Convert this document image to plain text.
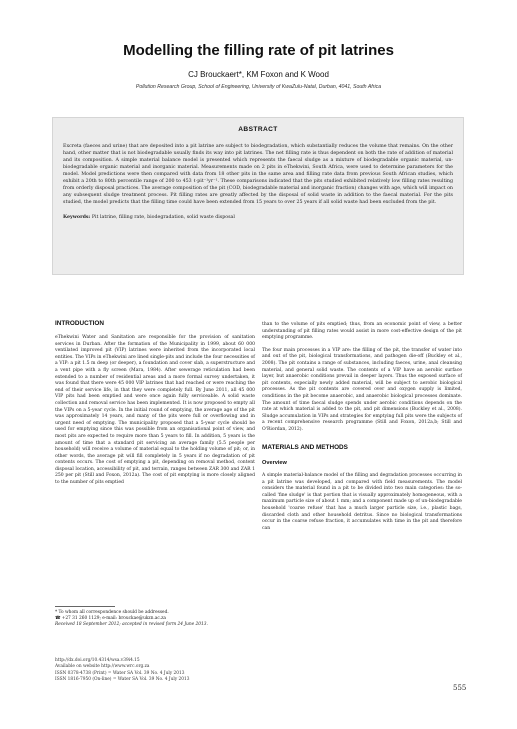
Modelling the filling rate of pit latrines
CJ Brouckaert*, KM Foxon and K Wood
Pollution Research Group, School of Engineering, University of KwaZulu-Natal, Durban, 4041, South Africa
ABSTRACT

Excreta (faeces and urine) that are deposited into a pit latrine are subject to biodegradation, which substantially reduces the volume that remains. On the other hand, other matter that is not biodegradable usually finds its way into pit latrines. The net filling rate is thus dependent on both the rate of addition of material and its composition. A simple material balance model is presented which represents the faecal sludge as a mixture of biodegradable organic material, un-biodegradable organic material and inorganic material. Measurements made on 2 pits in eThekwini, South Africa, were used to determine parameters for the model. Model predictions were then compared with data from 18 other pits in the same area and filling rate data from previous South African studies, which exhibit a 20th to 80th percentile range of 200 to 453 ℓ·pit⁻¹yr⁻¹. These comparisons indicated that the pits studied exhibited relatively low filling rates resulting from orderly disposal practices. The average composition of the pit (COD, biodegradable material and inorganic fraction) changes with age, which will impact on any subsequent sludge treatment process. Pit filling rates are greatly affected by the disposal of solid waste in addition to the faecal material. For the pits studied, the model predicts that the filling time could have been extended from 15 years to over 25 years if all solid waste had been excluded from the pit.

Keywords: Pit latrine, filling rate, biodegradation, solid waste disposal
INTRODUCTION

eThekwini Water and Sanitation are responsible for the provision of sanitation services in Durban. After the formation of the Municipality in 1999, about 60 000 ventilated improved pit (VIP) latrines were inherited from the incorporated local entities. The VIPs in eThekwini are lined single-pits and include the four necessities of a VIP: a pit 1.5 m deep (or deeper), a foundation and cover slab, a superstructure and a vent pipe with a fly screen (Mara, 1984). After sewerage reticulation had been extended to a number of residential areas and a more formal survey undertaken, it was found that there were 45 000 VIP latrines that had reached or were reaching the end of their service life, in that they were completely full. By June 2011, all 45 000 VIP pits had been emptied and were once again fully serviceable. A solid waste collection and removal service has been implemented. It is now proposed to empty all the VIPs on a 5-year cycle. In the initial round of emptying, the average age of the pit was approximately 14 years, and many of the pits were full or overflowing and in urgent need of emptying. The municipality proposed that a 5-year cycle should be used for emptying since this was possible from an organisational point of view, and most pits are expected to require more than 5 years to fill. In addition, 5 years is the amount of time that a standard pit servicing an average family (5.5 people per household) will receive a volume of material equal to the holding volume of pit; or, in other words, the average pit will fill completely in 5 years if no degradation of pit contents occurs. The cost of emptying a pit, depending on removal method, content disposal location, accessibility of pit, and terrain, ranges between ZAR 300 and ZAR 1 250 per pit (Still and Foxon, 2012a). The cost of pit emptying is more closely aligned to the number of pits emptied

than to the volume of pits emptied; thus, from an economic point of view, a better understanding of pit filling rates would assist in more cost-effective design of the pit emptying programme.

The four main processes in a VIP are: the filling of the pit, the transfer of water into and out of the pit, biological transformations, and pathogen die-off (Buckley et al., 2008). The pit contains a range of substances, including faeces, urine, anal cleansing material, and general solid waste. The contents of a VIP have an aerobic surface layer, but anaerobic conditions prevail in deeper layers. Thus the exposed surface of pit contents, especially newly added material, will be subject to aerobic biological processes. As the pit contents are covered over and oxygen supply is limited, conditions in the pit become anaerobic, and anaerobic biological processes dominate. The amount of time faecal sludge spends under aerobic conditions depends on the rate at which material is added to the pit, and pit dimensions (Buckley et al., 2008). Sludge accumulation in VIPs and strategies for emptying full pits were the subjects of a recent comprehensive research programme (Still and Foxon, 2012a,b; Still and O'Riordan, 2012).

MATERIALS AND METHODS
Overview

A simple material-balance model of the filling and degradation processes occurring in a pit latrine was developed, and compared with field measurements. The model considers the material found in a pit to be divided into two main categories: the so-called 'fine sludge' is that portion that is visually approximately homogeneous, with a maximum particle size of about 1 mm; and a component made up of un-biodegradable household 'coarse refuse' that has a much larger particle size, i.e., plastic bags, discarded cloth and other household detritus. Since no biological transformations occur in the coarse refuse fraction, it accumulates with time in the pit and therefore can

* To whom all correspondence should be addressed.
☎ +27 31 260 1129; e-mail: brouckae@ukzn.ac.za
Received 18 September 2012; accepted in revised form 24 June 2013.
http://dx.doi.org/10.4314/wsa.v39i4.15
Available on website http://www.wrc.org.za
ISSN 0378-4738 (Print) = Water SA Vol. 39 No. 4 July 2013
ISSN 1816-7950 (On-line) = Water SA Vol. 39 No. 4 July 2013
555
